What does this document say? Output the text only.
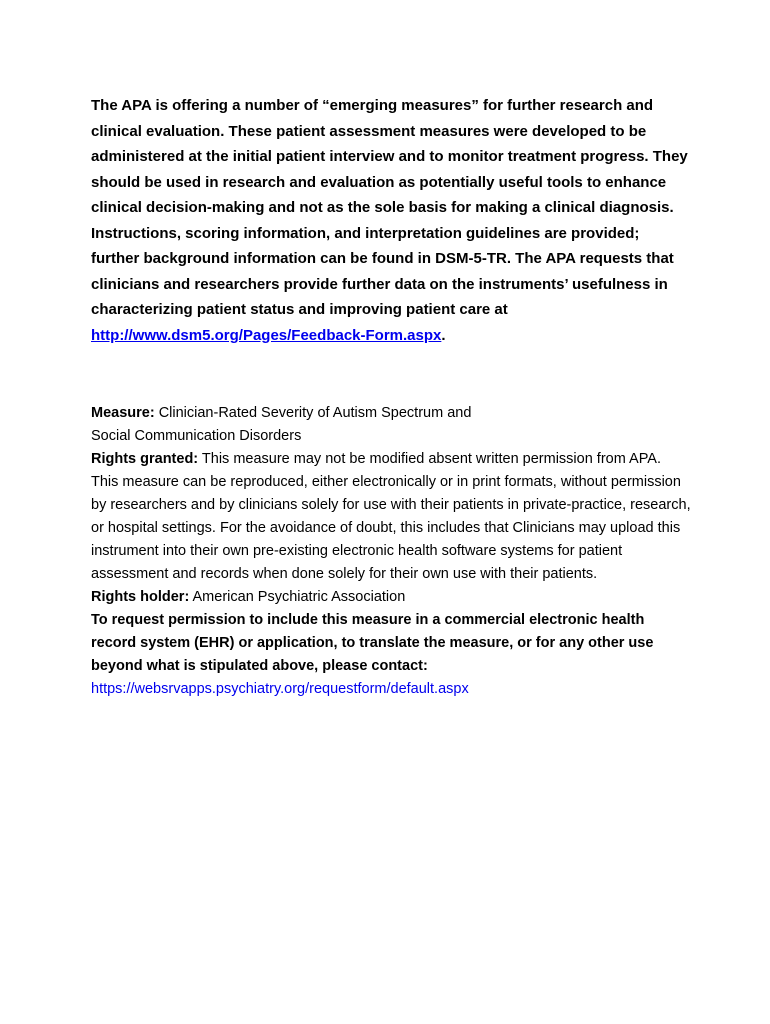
The APA is offering a number of “emerging measures” for further research and clinical evaluation. These patient assessment measures were developed to be administered at the initial patient interview and to monitor treatment progress. They should be used in research and evaluation as potentially useful tools to enhance clinical decision-making and not as the sole basis for making a clinical diagnosis. Instructions, scoring information, and interpretation guidelines are provided; further background information can be found in DSM-5-TR. The APA requests that clinicians and researchers provide further data on the instruments’ usefulness in characterizing patient status and improving patient care at http://www.dsm5.org/Pages/Feedback-Form.aspx.

Measure: Clinician-Rated Severity of Autism Spectrum and

Social Communication Disorders

Rights granted: This measure may not be modified absent written permission from APA. This measure can be reproduced, either electronically or in print formats, without permission by researchers and by clinicians solely for use with their patients in private-practice, research, or hospital settings. For the avoidance of doubt, this includes that Clinicians may upload this instrument into their own pre-existing electronic health software systems for patient assessment and records when done solely for their own use with their patients.

Rights holder: American Psychiatric Association

To request permission to include this measure in a commercial electronic health record system (EHR) or application, to translate the measure, or for any other use beyond what is stipulated above, please contact:

https://websrvapps.psychiatry.org/requestform/default.aspx
